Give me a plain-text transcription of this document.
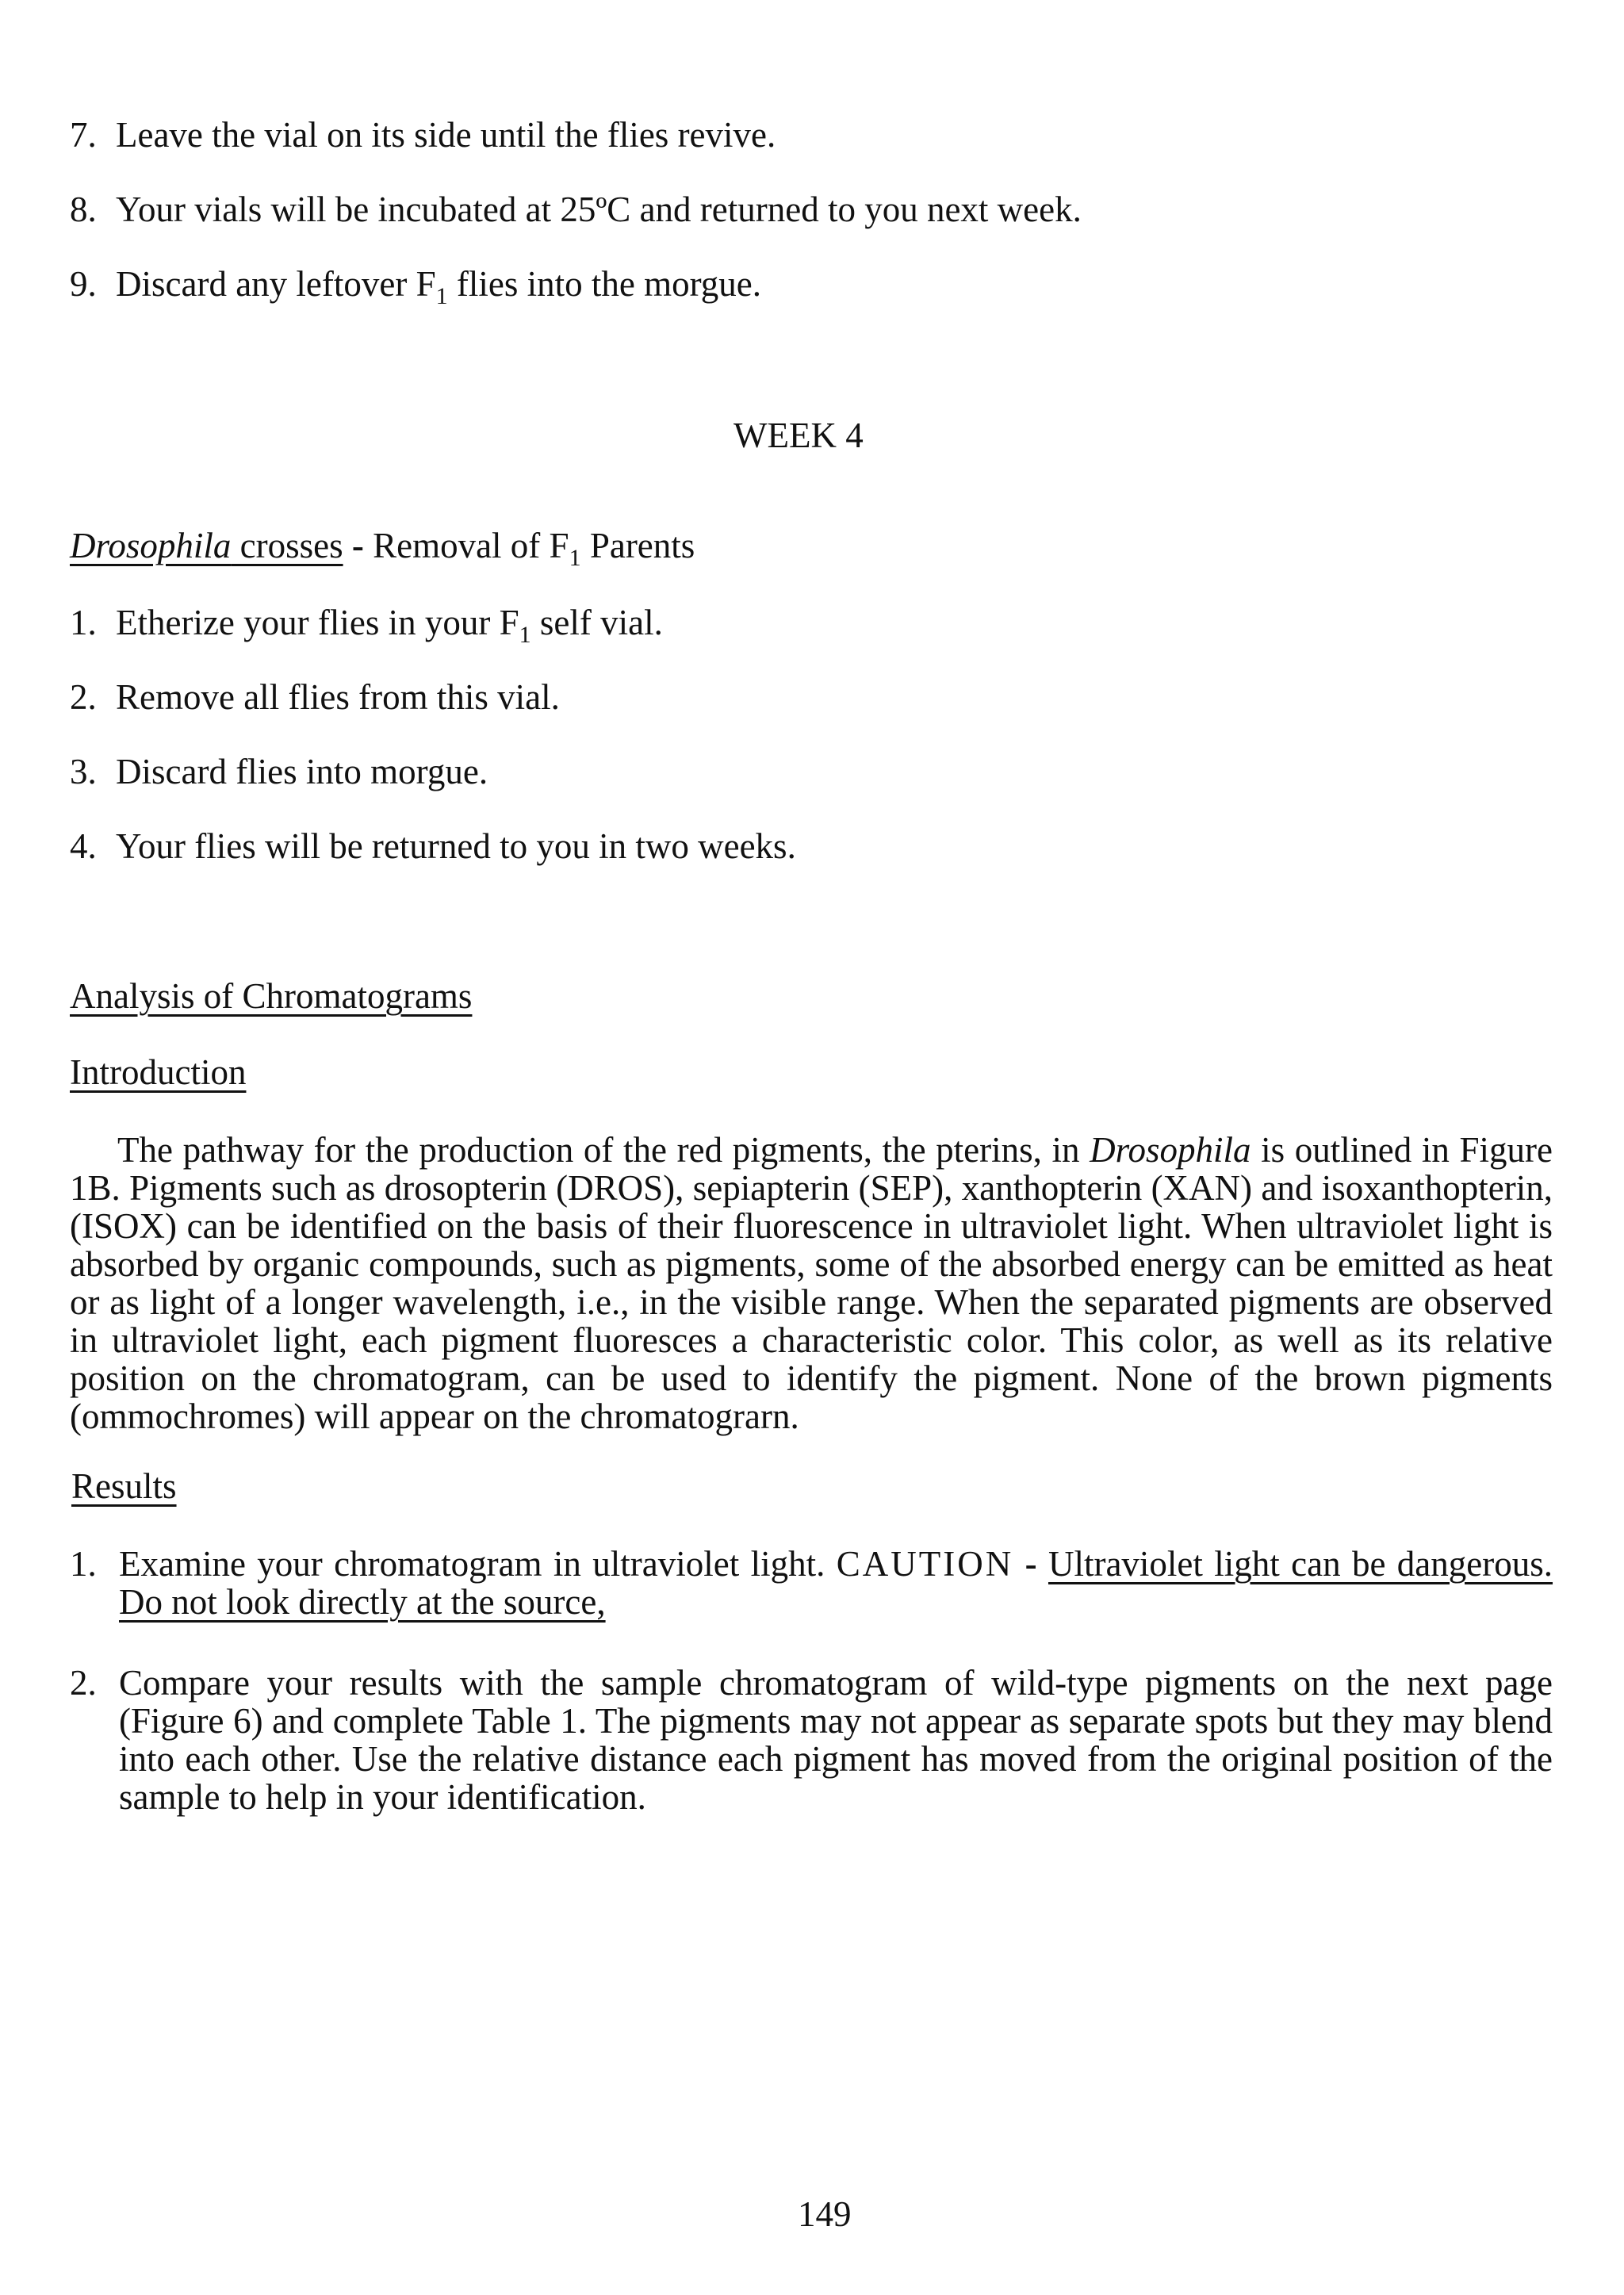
7. Leave the vial on its side until the flies revive.
8. Your vials will be incubated at 25ºC and returned to you next week.
9. Discard any leftover $F_1$ flies into the morgue.
WEEK 4
Drosophila crosses - Removal of $F_1$ Parents
1. Etherize your flies in your $F_1$ self vial.
2. Remove all flies from this vial.
3. Discard flies into morgue.
4. Your flies will be returned to you in two weeks.
Analysis of Chromatograms
Introduction
The pathway for the production of the red pigments, the pterins, in Drosophila is outlined in Figure 1B. Pigments such as drosopterin (DROS), sepiapterin (SEP), xanthopterin (XAN) and isoxanthopterin, (ISOX) can be identified on the basis of their fluorescence in ultraviolet light. When ultraviolet light is absorbed by organic compounds, such as pigments, some of the absorbed energy can be emitted as heat or as light of a longer wavelength, i.e., in the visible range. When the separated pigments are observed in ultraviolet light, each pigment fluoresces a characteristic color. This color, as well as its relative position on the chromatogram, can be used to identify the pigment. None of the brown pigments (ommochromes) will appear on the chromatograrn.
Results
1. Examine your chromatogram in ultraviolet light. CAUTION - Ultraviolet light can be dangerous. Do not look directly at the source,
2. Compare your results with the sample chromatogram of wild-type pigments on the next page (Figure 6) and complete Table 1. The pigments may not appear as separate spots but they may blend into each other. Use the relative distance each pigment has moved from the original position of the sample to help in your identification.
149
